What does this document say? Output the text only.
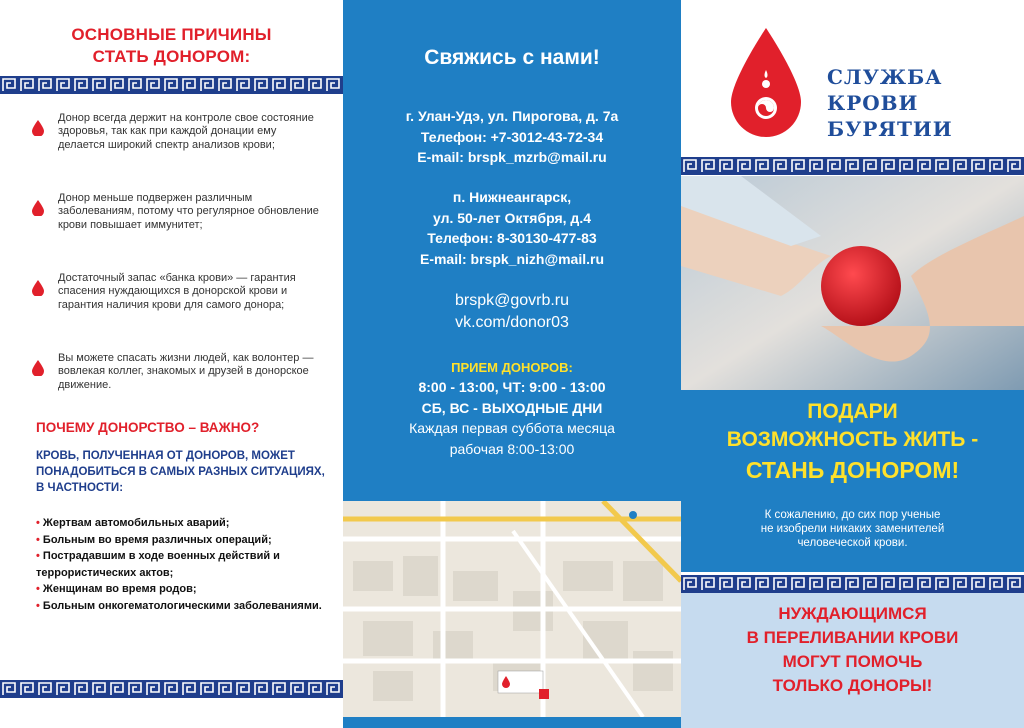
ОСНОВНЫЕ ПРИЧИНЫ
СТАТЬ ДОНОРОМ:
Донор всегда держит на контроле свое состояние здоровья, так как при каждой донации ему делается широкий спектр анализов крови;
Донор меньше подвержен различным заболеваниям, потому что регулярное обновление крови повышает иммунитет;
Достаточный запас «банка крови» — гарантия спасения нуждающихся в донорской крови и гарантия наличия крови для самого донора;
Вы можете спасать жизни людей, как волонтер — вовлекая коллег, знакомых и друзей в донорское движение.
ПОЧЕМУ ДОНОРСТВО – ВАЖНО?
КРОВЬ, ПОЛУЧЕННАЯ ОТ ДОНОРОВ, МОЖЕТ ПОНАДОБИТЬСЯ В САМЫХ РАЗНЫХ СИТУАЦИЯХ, В ЧАСТНОСТИ:
• Жертвам автомобильных аварий;
• Больным во время различных операций;
• Пострадавшим в ходе военных действий и террористических актов;
• Женщинам во время родов;
• Больным онкогематологическими заболеваниями.
Свяжись с нами!
г. Улан-Удэ, ул. Пирогова, д. 7а
Телефон: +7-3012-43-72-34
E-mail: brspk_mzrb@mail.ru
п. Нижнеангарск,
ул. 50-лет Октября, д.4
Телефон: 8-30130-477-83
E-mail: brspk_nizh@mail.ru
brspk@govrb.ru
vk.com/donor03
ПРИЕМ ДОНОРОВ:
8:00 - 13:00, ЧТ: 9:00 - 13:00
СБ, ВС - ВЫХОДНЫЕ ДНИ
Каждая первая суббота месяца
рабочая 8:00-13:00
СЛУЖБА
КРОВИ
БУРЯТИИ
ПОДАРИ
ВОЗМОЖНОСТЬ ЖИТЬ -
СТАНЬ ДОНОРОМ!
К сожалению, до сих пор ученые
не изобрели никаких заменителей
человеческой крови.
НУЖДАЮЩИМСЯ
В ПЕРЕЛИВАНИИ КРОВИ
МОГУТ ПОМОЧЬ
ТОЛЬКО ДОНОРЫ!
